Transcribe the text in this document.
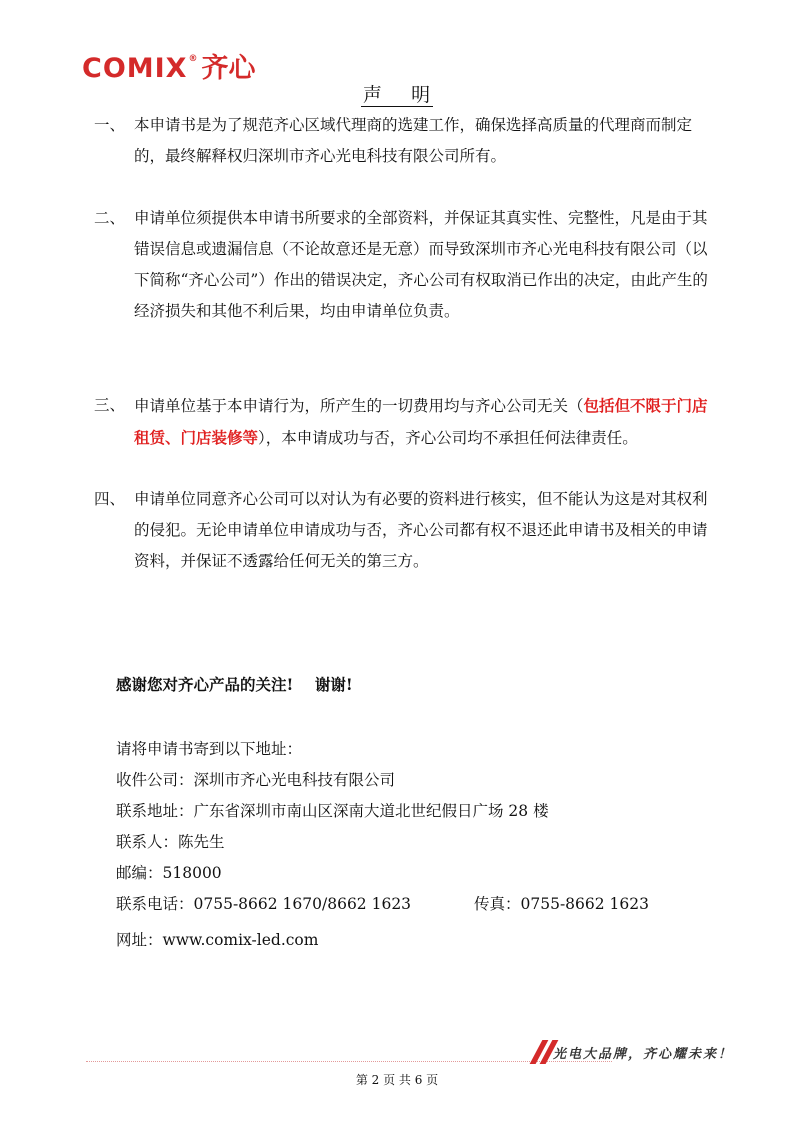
COMIX® 齐心
声    明
一、 本申请书是为了规范齐心区域代理商的选建工作，确保选择高质量的代理商而制定的，最终解释权归深圳市齐心光电科技有限公司所有。
二、 申请单位须提供本申请书所要求的全部资料，并保证其真实性、完整性，凡是由于其错误信息或遗漏信息（不论故意还是无意）而导致深圳市齐心光电科技有限公司（以下简称“齐心公司”）作出的错误决定，齐心公司有权取消已作出的决定，由此产生的经济损失和其他不利后果，均由申请单位负责。
三、 申请单位基于本申请行为，所产生的一切费用均与齐心公司无关（包括但不限于门店租赁、门店装修等），本申请成功与否，齐心公司均不承担任何法律责任。
四、 申请单位同意齐心公司可以对认为有必要的资料进行核实，但不能认为这是对其权利的侵犯。无论申请单位申请成功与否，齐心公司都有权不退还此申请书及相关的申请资料，并保证不透露给任何无关的第三方。
感谢您对齐心产品的关注!    谢谢!
请将申请书寄到以下地址：
收件公司：深圳市齐心光电科技有限公司
联系地址：广东省深圳市南山区深南大道北世纪假日广场 28 楼
联系人：陈先生
邮编：518000
联系电话：0755-8662 1670/8662 1623	传真：0755-8662 1623
网址：www.comix-led.com
光电大品牌，齐心耀未来！
第 2 页 共 6 页
